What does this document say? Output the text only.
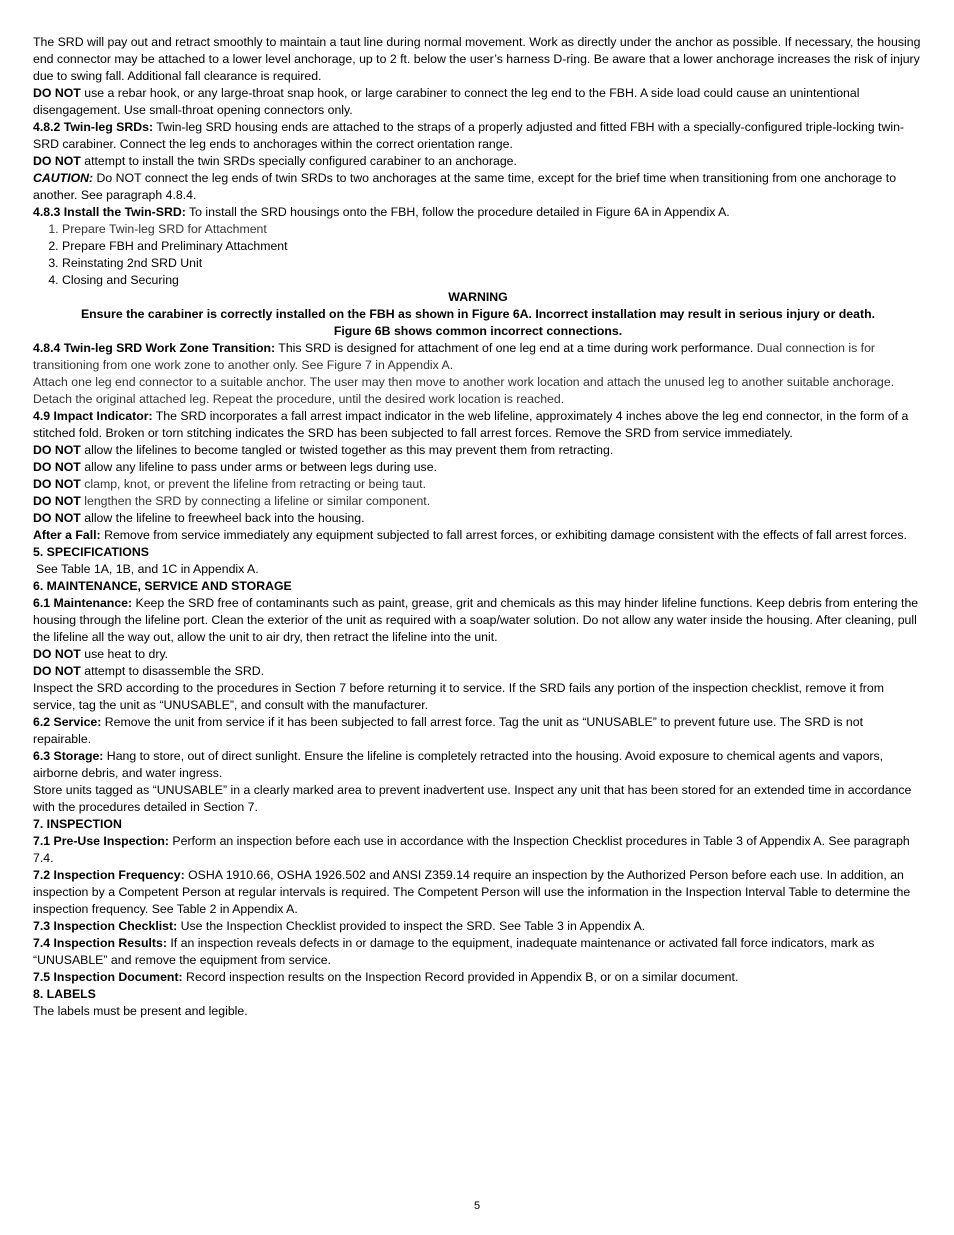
The SRD will pay out and retract smoothly to maintain a taut line during normal movement. Work as directly under the anchor as possible. If necessary, the housing end connector may be attached to a lower level anchorage, up to 2 ft. below the user’s harness D-ring. Be aware that a lower anchorage increases the risk of injury due to swing fall. Additional fall clearance is required.

DO NOT use a rebar hook, or any large-throat snap hook, or large carabiner to connect the leg end to the FBH. A side load could cause an unintentional disengagement. Use small-throat opening connectors only.

4.8.2 Twin-leg SRDs: Twin-leg SRD housing ends are attached to the straps of a properly adjusted and fitted FBH with a specially-configured triple-locking twin-SRD carabiner. Connect the leg ends to anchorages within the correct orientation range.

DO NOT attempt to install the twin SRDs specially configured carabiner to an anchorage.

CAUTION: Do NOT connect the leg ends of twin SRDs to two anchorages at the same time, except for the brief time when transitioning from one anchorage to another. See paragraph 4.8.4.

4.8.3 Install the Twin-SRD: To install the SRD housings onto the FBH, follow the procedure detailed in Figure 6A in Appendix A.

1. Prepare Twin-leg SRD for Attachment
2. Prepare FBH and Preliminary Attachment
3. Reinstating 2nd SRD Unit
4. Closing and Securing

WARNING

Ensure the carabiner is correctly installed on the FBH as shown in Figure 6A. Incorrect installation may result in serious injury or death.

Figure 6B shows common incorrect connections.

4.8.4 Twin-leg SRD Work Zone Transition: This SRD is designed for attachment of one leg end at a time during work performance. Dual connection is for transitioning from one work zone to another only. See Figure 7 in Appendix A.

Attach one leg end connector to a suitable anchor. The user may then move to another work location and attach the unused leg to another suitable anchorage. Detach the original attached leg. Repeat the procedure, until the desired work location is reached.

4.9 Impact Indicator: The SRD incorporates a fall arrest impact indicator in the web lifeline, approximately 4 inches above the leg end connector, in the form of a stitched fold. Broken or torn stitching indicates the SRD has been subjected to fall arrest forces. Remove the SRD from service immediately.

DO NOT allow the lifelines to become tangled or twisted together as this may prevent them from retracting.

DO NOT allow any lifeline to pass under arms or between legs during use.

DO NOT clamp, knot, or prevent the lifeline from retracting or being taut.

DO NOT lengthen the SRD by connecting a lifeline or similar component.

DO NOT allow the lifeline to freewheel back into the housing.

After a Fall: Remove from service immediately any equipment subjected to fall arrest forces, or exhibiting damage consistent with the effects of fall arrest forces.

5. SPECIFICATIONS

See Table 1A, 1B, and 1C in Appendix A.

6. MAINTENANCE, SERVICE AND STORAGE

6.1 Maintenance: Keep the SRD free of contaminants such as paint, grease, grit and chemicals as this may hinder lifeline functions. Keep debris from entering the housing through the lifeline port. Clean the exterior of the unit as required with a soap/water solution. Do not allow any water inside the housing. After cleaning, pull the lifeline all the way out, allow the unit to air dry, then retract the lifeline into the unit.

DO NOT use heat to dry.

DO NOT attempt to disassemble the SRD.

Inspect the SRD according to the procedures in Section 7 before returning it to service. If the SRD fails any portion of the inspection checklist, remove it from service, tag the unit as “UNUSABLE”, and consult with the manufacturer.

6.2 Service: Remove the unit from service if it has been subjected to fall arrest force. Tag the unit as “UNUSABLE” to prevent future use. The SRD is not repairable.

6.3 Storage: Hang to store, out of direct sunlight. Ensure the lifeline is completely retracted into the housing. Avoid exposure to chemical agents and vapors, airborne debris, and water ingress.

Store units tagged as “UNUSABLE” in a clearly marked area to prevent inadvertent use. Inspect any unit that has been stored for an extended time in accordance with the procedures detailed in Section 7.

7. INSPECTION

7.1 Pre-Use Inspection: Perform an inspection before each use in accordance with the Inspection Checklist procedures in Table 3 of Appendix A. See paragraph 7.4.

7.2 Inspection Frequency: OSHA 1910.66, OSHA 1926.502 and ANSI Z359.14 require an inspection by the Authorized Person before each use. In addition, an inspection by a Competent Person at regular intervals is required. The Competent Person will use the information in the Inspection Interval Table to determine the inspection frequency. See Table 2 in Appendix A.

7.3 Inspection Checklist: Use the Inspection Checklist provided to inspect the SRD. See Table 3 in Appendix A.

7.4 Inspection Results: If an inspection reveals defects in or damage to the equipment, inadequate maintenance or activated fall force indicators, mark as “UNUSABLE” and remove the equipment from service.

7.5 Inspection Document: Record inspection results on the Inspection Record provided in Appendix B, or on a similar document.

8. LABELS

The labels must be present and legible.

5
